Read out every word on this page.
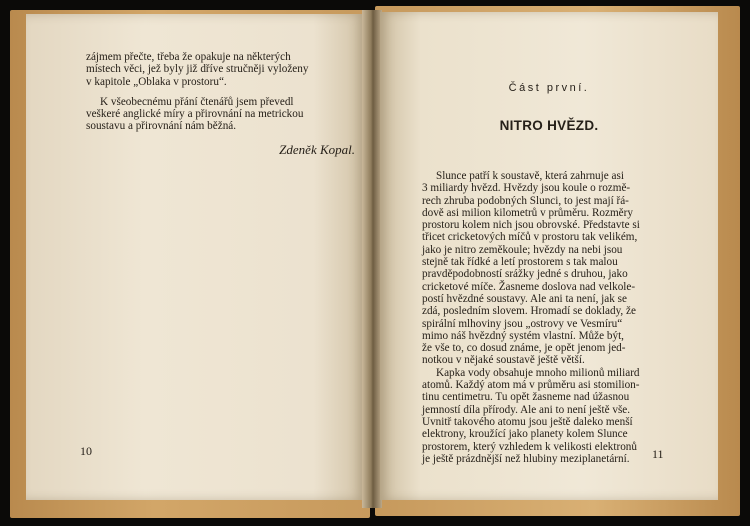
zájmem přečte, třeba že opakuje na některých

místech věci, jež byly již dříve stručněji vyloženy

v kapitole „Oblaka v prostoru“.

K všeobecnému přání čtenářů jsem převedl

veškeré anglické míry a přirovnání na metrickou

soustavu a přirovnání nám běžná.

Zdeněk Kopal.
10
Část první.
NITRO HVĚZD.

Slunce patří k soustavě, která zahrnuje asi

3 miliardy hvězd. Hvězdy jsou koule o rozmě-

rech zhruba podobných Slunci, to jest mají řá-

dově asi milion kilometrů v průměru. Rozměry

prostoru kolem nich jsou obrovské. Představte si

třicet cricketových míčů v prostoru tak velikém,

jako je nitro zeměkoule; hvězdy na nebi jsou

stejně tak řídké a letí prostorem s tak malou

pravděpodobností srážky jedné s druhou, jako

cricketové míče. Žasneme doslova nad velkole-

postí hvězdné soustavy. Ale ani ta není, jak se

zdá, posledním slovem. Hromadí se doklady, že

spirální mlhoviny jsou „ostrovy ve Vesmíru“

mimo náš hvězdný systém vlastní. Může být,

že vše to, co dosud známe, je opět jenom jed-

notkou v nějaké soustavě ještě větší.

Kapka vody obsahuje mnoho milionů miliard

atomů. Každý atom má v průměru asi stomilion-

tinu centimetru. Tu opět žasneme nad úžasnou

jemností díla přírody. Ale ani to není ještě vše.

Uvnitř takového atomu jsou ještě daleko menší

elektrony, kroužící jako planety kolem Slunce

prostorem, který vzhledem k velikosti elektronů

je ještě prázdnější než hlubiny meziplanetární.	11
